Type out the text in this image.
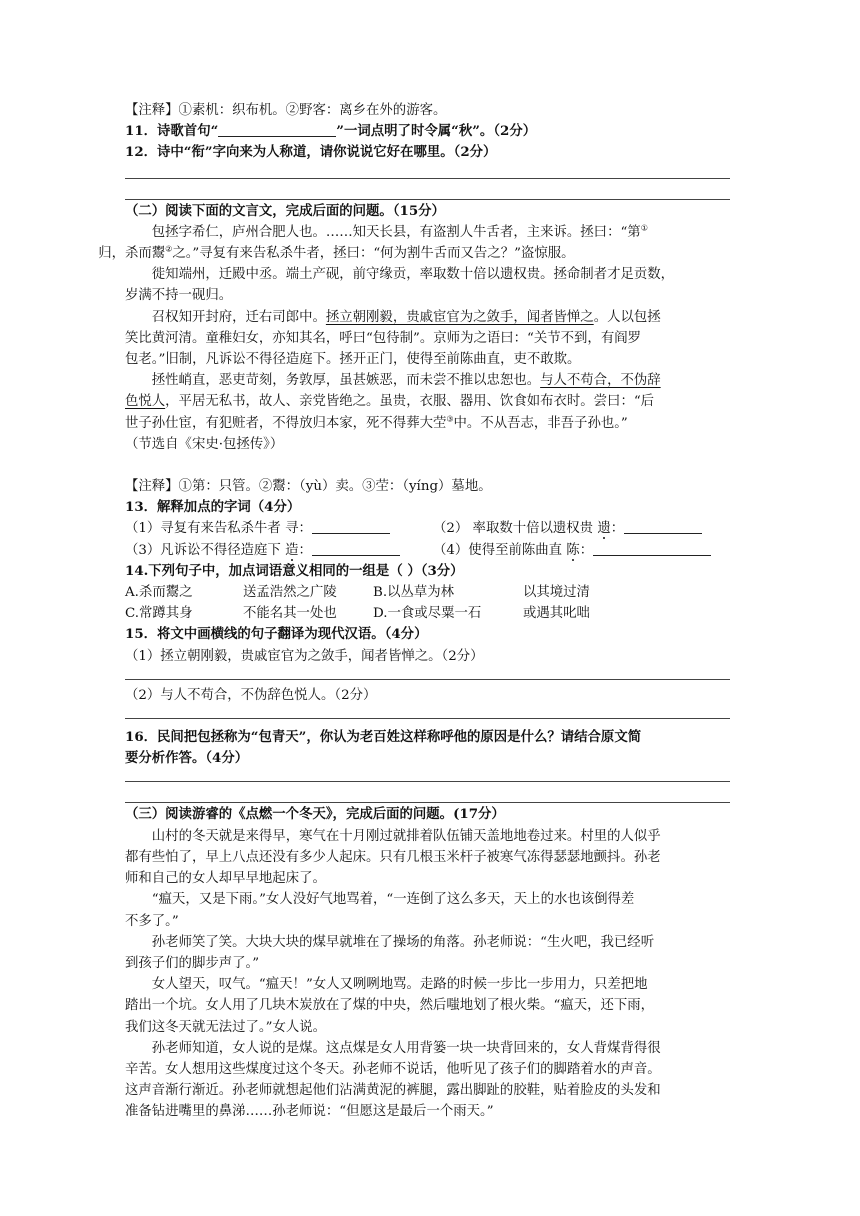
【注释】①素机：织布机。②野客：离乡在外的游客。
11．诗歌首句“	”一词点明了时令属“秋”。（2分）
12．诗中“衔”字向来为人称道，请你说说它好在哪里。（2分）
（二）阅读下面的文言文，完成后面的问题。（15分）
包拯字希仁，庐州合肥人也。……知天长县，有盗割人牛舌者，主来诉。拯曰：“第①
归，杀而鬻②之。”寻复有来告私杀牛者，拯曰：“何为割牛舌而又告之？”盗惊服。
徙知端州，迁殿中丞。端土产砚，前守缘贡，率取数十倍以遗权贵。拯命制者才足贡数，
岁满不持一砚归。
召权知开封府，迁右司郎中。拯立朝刚毅，贵戚宦官为之敛手，闻者皆惮之。人以包拯
笑比黄河清。童稚妇女，亦知其名，呼曰“包待制”。京师为之语曰：“关节不到，有阎罗
包老。”旧制，凡诉讼不得径造庭下。拯开正门，使得至前陈曲直，吏不敢欺。
拯性峭直，恶吏苛刻，务敦厚，虽甚嫉恶，而未尝不推以忠恕也。与人不苟合，不伪辞
色悦人，平居无私书，故人、亲党皆绝之。虽贵，衣服、器用、饮食如布衣时。尝曰：“后
世子孙仕宦，有犯赃者，不得放归本家，死不得葬大茔③中。不从吾志，非吾子孙也。”
（节选自《宋史·包拯传》）
【注释】①第：只管。②鬻：（yù）卖。③茔：（yíng）墓地。
13．解释加点的字词（4分）
（1）寻复有来告私杀牛者 寻：	（2） 率取数十倍以遗权贵 遗：
（3）凡诉讼不得径造庭下 造：	（4）使得至前陈曲直 陈：
14.下列句子中，加点词语意义相同的一组是（ ）（3分）
A.杀而鬻之	送孟浩然之广陵	B.以丛草为林	以其境过清
C.常蹲其身	不能名其一处也	D.一食或尽粟一石	或遇其叱咄
15．将文中画横线的句子翻译为现代汉语。（4分）
（1）拯立朝刚毅，贵戚宦官为之敛手，闻者皆惮之。（2分）
（2）与人不苟合，不伪辞色悦人。（2分）
16．民间把包拯称为“包青天”，你认为老百姓这样称呼他的原因是什么？请结合原文简
要分析作答。（4分）
（三）阅读游睿的《点燃一个冬天》，完成后面的问题。(17分）
山村的冬天就是来得早，寒气在十月刚过就排着队伍铺天盖地地卷过来。村里的人似乎
都有些怕了，早上八点还没有多少人起床。只有几根玉米杆子被寒气冻得瑟瑟地颤抖。孙老
师和自己的女人却早早地起床了。
“瘟天，又是下雨。”女人没好气地骂着，“一连倒了这么多天，天上的水也该倒得差
不多了。”
孙老师笑了笑。大块大块的煤早就堆在了操场的角落。孙老师说：“生火吧，我已经听
到孩子们的脚步声了。”
女人望天，叹气。“瘟天！”女人又咧咧地骂。走路的时候一步比一步用力，只差把地
踏出一个坑。女人用了几块木炭放在了煤的中央，然后嗤地划了根火柴。“瘟天，还下雨，
我们这冬天就无法过了。”女人说。
孙老师知道，女人说的是煤。这点煤是女人用背篓一块一块背回来的，女人背煤背得很
辛苦。女人想用这些煤度过这个冬天。孙老师不说话，他听见了孩子们的脚踏着水的声音。
这声音渐行渐近。孙老师就想起他们沾满黄泥的裤腿，露出脚趾的胶鞋，贴着脸皮的头发和
准备钻进嘴里的鼻涕……孙老师说：“但愿这是最后一个雨天。”
